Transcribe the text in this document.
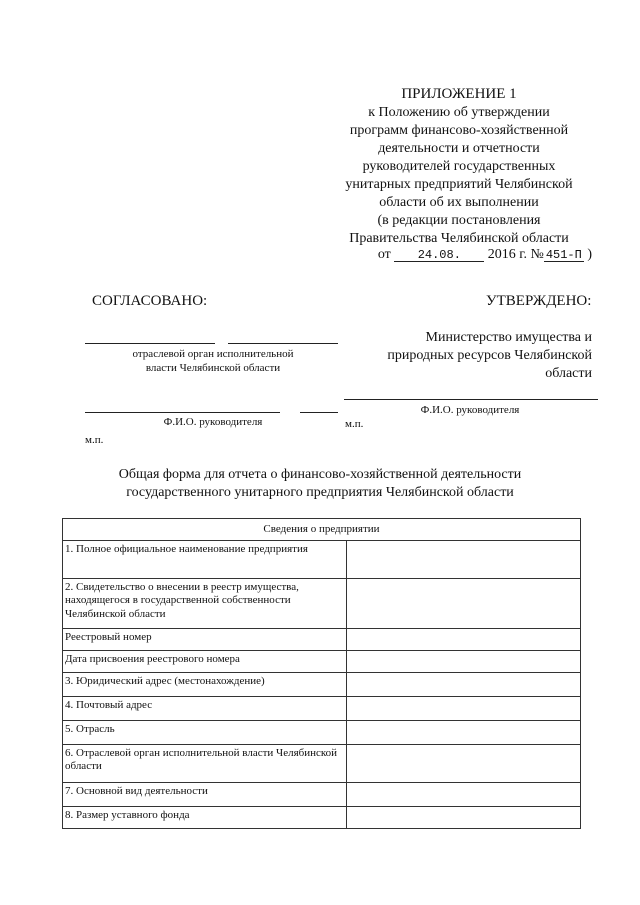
ПРИЛОЖЕНИЕ 1
к Положению об утверждении
программ финансово-хозяйственной
деятельности и отчетности
руководителей государственных
унитарных предприятий Челябинской
области об их выполнении
(в редакции постановления
Правительства Челябинской области
от 24.08. 2016 г. № 451-П )
СОГЛАСОВАНО:
отраслевой орган исполнительной
власти Челябинской области
Ф.И.О. руководителя
м.п.
УТВЕРЖДЕНО:
Министерство имущества и
природных ресурсов Челябинской
области
Ф.И.О. руководителя
м.п.
Общая форма для отчета о финансово-хозяйственной деятельности
государственного унитарного предприятия Челябинской области
Сведения о предприятии	
1. Полное официальное наименование предприятия	
2. Свидетельство о внесении в реестр имущества, находящегося в государственной собственности Челябинской области	
Реестровый номер	
Дата присвоения реестрового номера	
3. Юридический адрес (местонахождение)	
4. Почтовый адрес	
5. Отрасль	
6. Отраслевой орган исполнительной власти Челябинской области	
7. Основной вид деятельности	
8. Размер уставного фонда	
